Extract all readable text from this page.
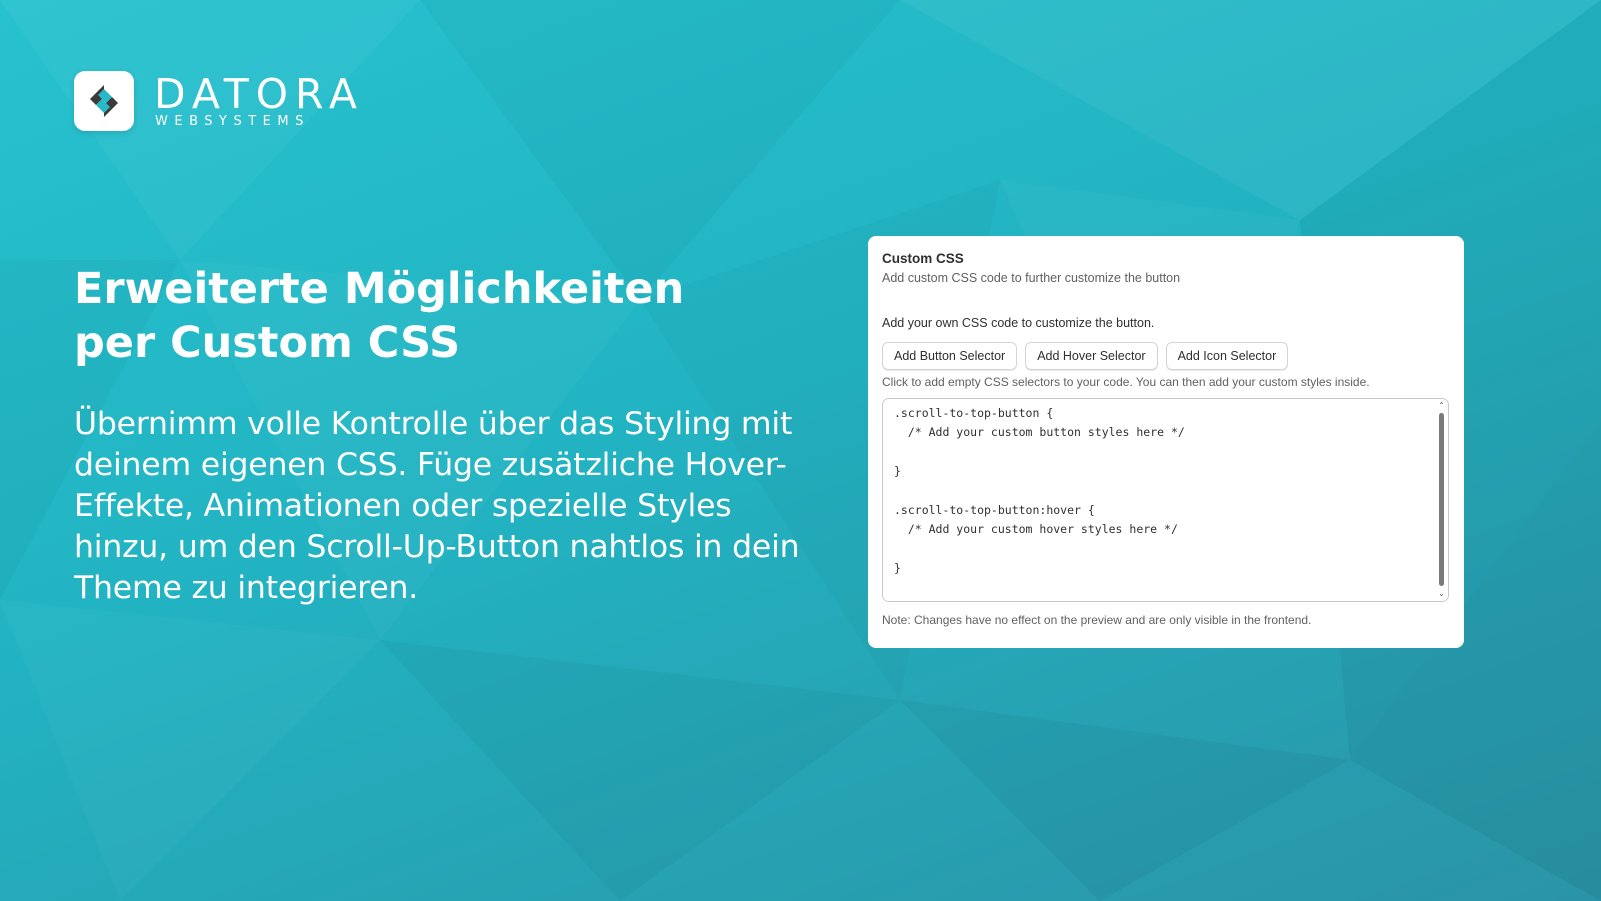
DATORA
WEBSYSTEMS
Erweiterte Möglichkeiten
per Custom CSS

Übernimm volle Kontrolle über das Styling mit deinem eigenen CSS. Füge zusätzliche Hover-Effekte, Animationen oder spezielle Styles hinzu, um den Scroll-Up-Button nahtlos in dein Theme zu integrieren.

Custom CSS
Add custom CSS code to further customize the button
Add your own CSS code to customize the button.
Add Button Selector	Add Hover Selector	Add Icon Selector
Click to add empty CSS selectors to your code. You can then add your custom styles inside.
.scroll-to-top-button { /* Add your custom button styles here */ } .scroll-to-top-button:hover { /* Add your custom hover styles here */ }
⌃
⌄
Note: Changes have no effect on the preview and are only visible in the frontend.
